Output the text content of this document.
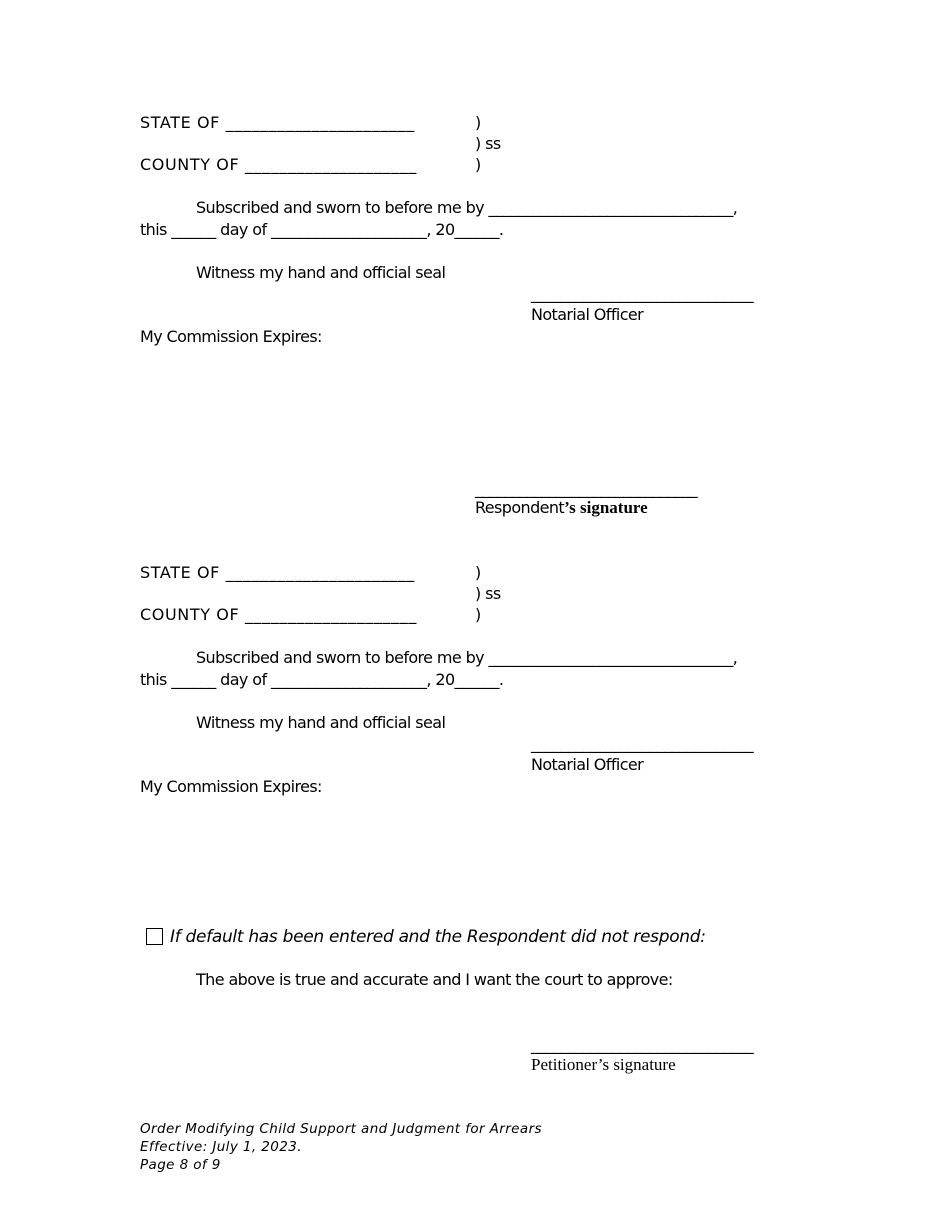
STATE OF ______________________	)
) ss
COUNTY OF ____________________	)
Subscribed and sworn to before me by _________________________________,
this ______ day of _____________________, 20______.
Witness my hand and official seal
______________________________
Notarial Officer
My Commission Expires:
______________________________
Respondent’s signature
STATE OF ______________________	)
) ss
COUNTY OF ____________________	)
Subscribed and sworn to before me by _________________________________,
this ______ day of _____________________, 20______.
Witness my hand and official seal
______________________________
Notarial Officer
My Commission Expires:
If default has been entered and the Respondent did not respond:
The above is true and accurate and I want the court to approve:
______________________________
Petitioner’s signature
Order Modifying Child Support and Judgment for Arrears
Effective: July 1, 2023.
Page 8 of 9
